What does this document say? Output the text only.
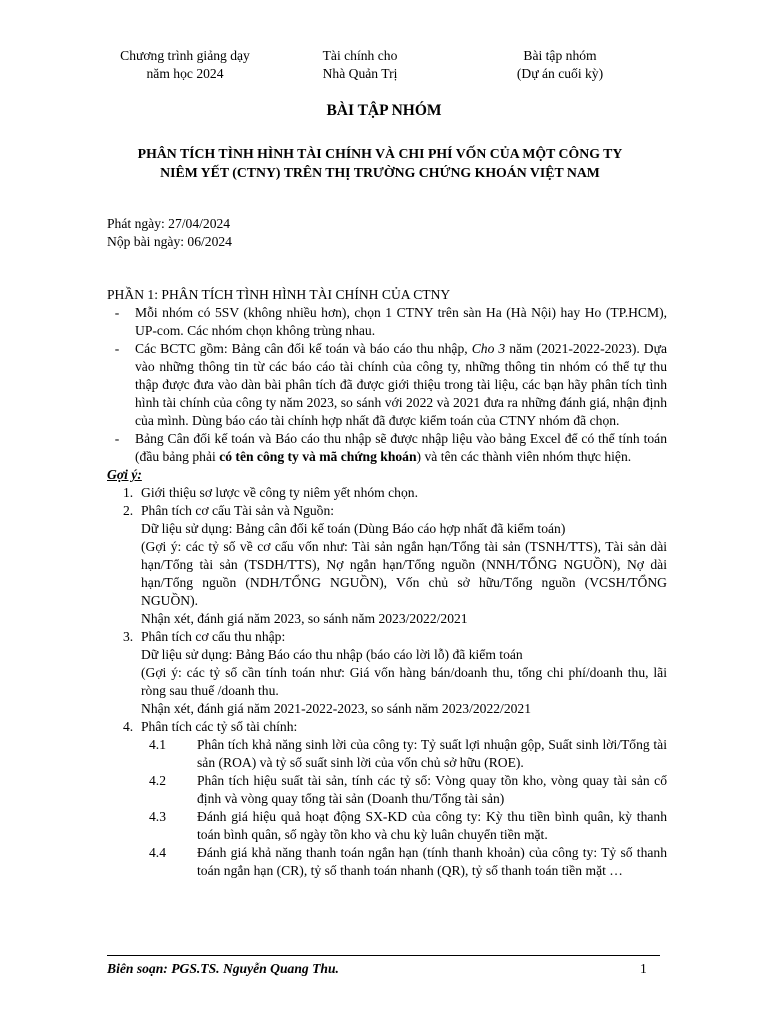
Chương trình giảng dạy
năm học 2024
Tài chính cho
Nhà Quản Trị
Bài tập nhóm
(Dự án cuối kỳ)
BÀI TẬP NHÓM
PHÂN TÍCH TÌNH HÌNH TÀI CHÍNH VÀ CHI PHÍ VỐN CỦA MỘT CÔNG TY
NIÊM YẾT (CTNY) TRÊN THỊ TRƯỜNG CHỨNG KHOÁN VIỆT NAM
Phát ngày: 27/04/2024
Nộp bài ngày: 06/2024
PHẦN 1: PHÂN TÍCH TÌNH HÌNH TÀI CHÍNH CỦA CTNY
-	Mỗi nhóm có 5SV (không nhiều hơn), chọn 1 CTNY trên sàn Ha (Hà Nội) hay Ho (TP.HCM), UP-com. Các nhóm chọn không trùng nhau.
-	Các BCTC gồm: Bảng cân đối kế toán và báo cáo thu nhập, Cho 3 năm (2021-2022-2023). Dựa vào những thông tin từ các báo cáo tài chính của công ty, những thông tin nhóm có thể tự thu thập được đưa vào dàn bài phân tích đã được giới thiệu trong tài liệu, các bạn hãy phân tích tình hình tài chính của công ty năm 2023, so sánh với 2022 và 2021 đưa ra những đánh giá, nhận định của mình. Dùng báo cáo tài chính hợp nhất đã được kiểm toán của CTNY nhóm đã chọn.
-	Bảng Cân đối kế toán và Báo cáo thu nhập sẽ được nhập liệu vào bảng Excel để có thể tính toán (đầu bảng phải có tên công ty và mã chứng khoán) và tên các thành viên nhóm thực hiện.
Gợi ý:
1. Giới thiệu sơ lược về công ty niêm yết nhóm chọn.
2. Phân tích cơ cấu Tài sản và Nguồn:
Dữ liệu sử dụng: Bảng cân đối kế toán (Dùng Báo cáo hợp nhất đã kiểm toán)
(Gợi ý: các tỷ số về cơ cấu vốn như: Tài sản ngắn hạn/Tổng tài sản (TSNH/TTS), Tài sản dài hạn/Tổng tài sản (TSDH/TTS), Nợ ngắn hạn/Tổng nguồn (NNH/TỔNG NGUỒN), Nợ dài hạn/Tổng nguồn (NDH/TỔNG NGUỒN), Vốn chủ sở hữu/Tổng nguồn (VCSH/TỔNG NGUỒN).
Nhận xét, đánh giá năm 2023, so sánh năm 2023/2022/2021
3. Phân tích cơ cấu thu nhập:
Dữ liệu sử dụng: Bảng Báo cáo thu nhập (báo cáo lời lỗ) đã kiểm toán
(Gợi ý: các tỷ số cần tính toán như: Giá vốn hàng bán/doanh thu, tổng chi phí/doanh thu, lãi ròng sau thuế /doanh thu.
Nhận xét, đánh giá năm 2021-2022-2023, so sánh năm 2023/2022/2021
4. Phân tích các tỷ số tài chính:
4.1 Phân tích khả năng sinh lời của công ty: Tỷ suất lợi nhuận gộp, Suất sinh lời/Tổng tài sản (ROA) và tỷ số suất sinh lời của vốn chủ sở hữu (ROE).
4.2 Phân tích hiệu suất tài sản, tính các tỷ số: Vòng quay tồn kho, vòng quay tài sản cố định và vòng quay tổng tài sản (Doanh thu/Tổng tài sản)
4.3 Đánh giá hiệu quả hoạt động SX-KD của công ty: Kỳ thu tiền bình quân, kỳ thanh toán bình quân, số ngày tồn kho và chu kỳ luân chuyển tiền mặt.
4.4 Đánh giá khả năng thanh toán ngắn hạn (tính thanh khoản) của công ty: Tỷ số thanh toán ngắn hạn (CR), tỷ số thanh toán nhanh (QR), tỷ số thanh toán tiền mặt …
Biên soạn: PGS.TS. Nguyễn Quang Thu.	1
